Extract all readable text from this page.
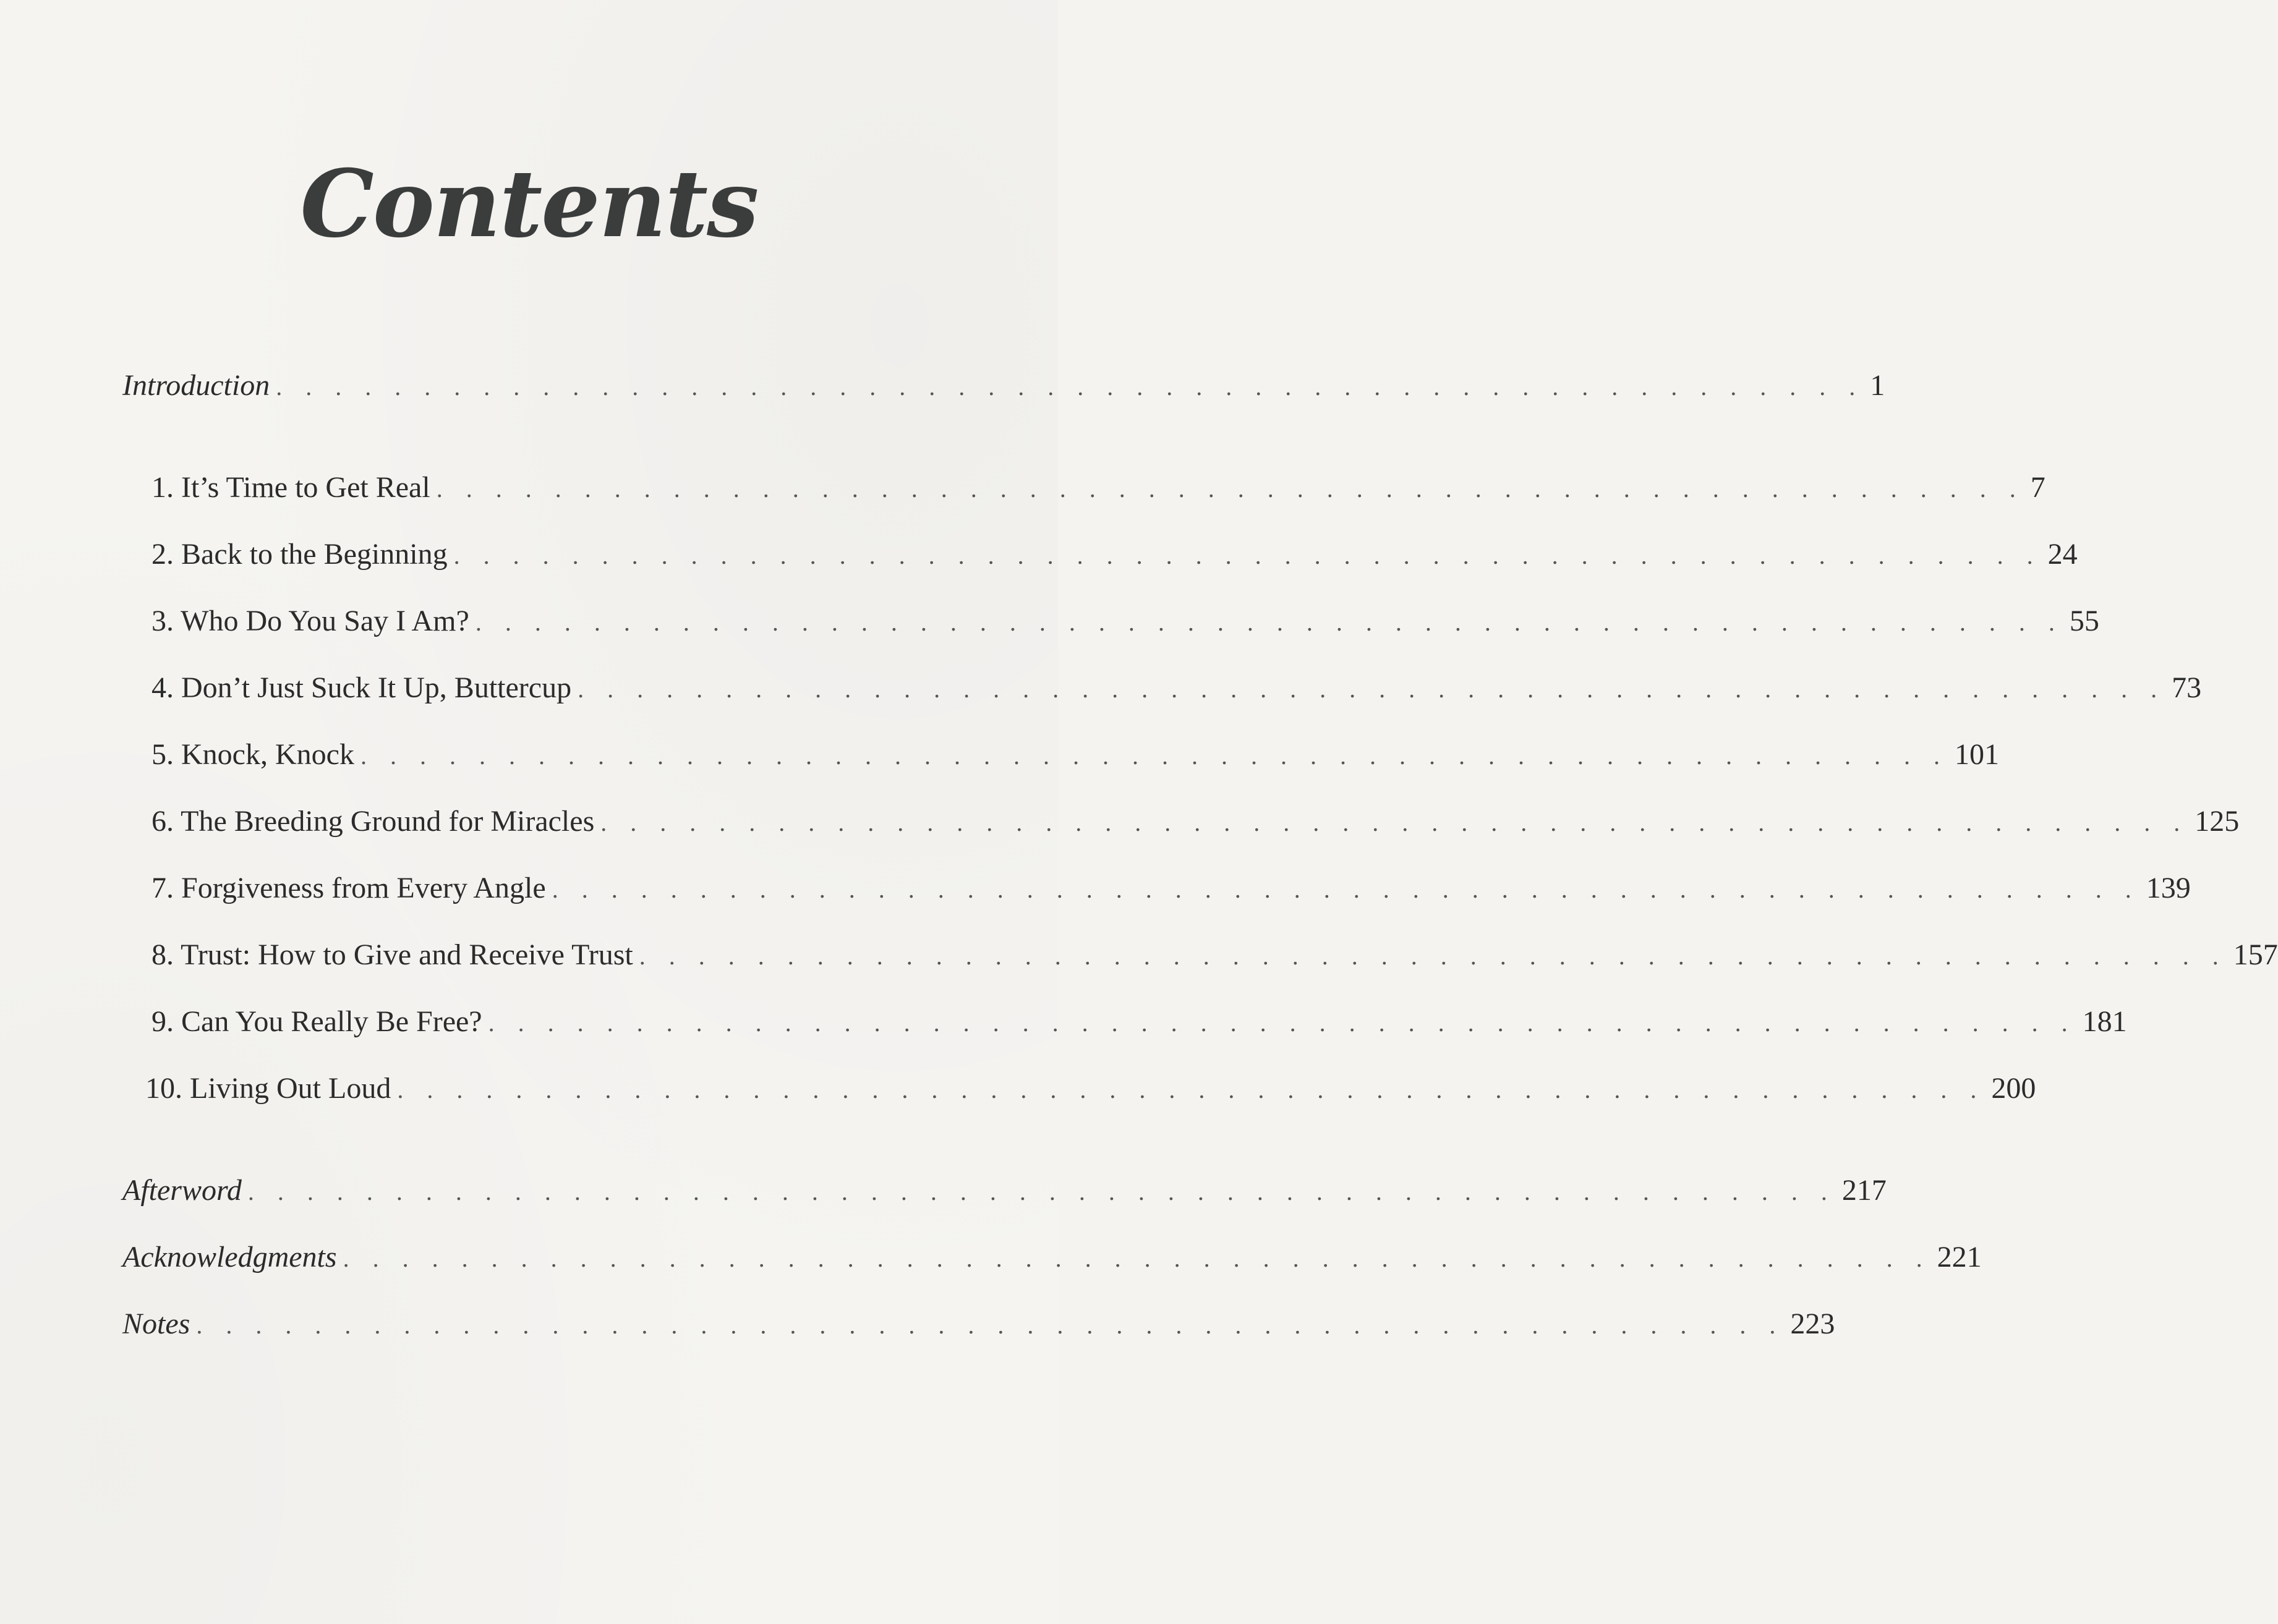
Contents
Introduction . . . . . . . . . . . . . . . . . . . . . . . . . . . . . . . . . . . . . . . . . . . . . . . . . . . . . . 1
1. It’s Time to Get Real . . . . . . . . . . . . . . . . . . . . . . . . . . . . . . . . . . . . . . . . . . . . . . . . . . . . . . 7
2. Back to the Beginning . . . . . . . . . . . . . . . . . . . . . . . . . . . . . . . . . . . . . . . . . . . . . . . . . . . . . . 24
3. Who Do You Say I Am? . . . . . . . . . . . . . . . . . . . . . . . . . . . . . . . . . . . . . . . . . . . . . . . . . . . . . . 55
4. Don’t Just Suck It Up, Buttercup . . . . . . . . . . . . . . . . . . . . . . . . . . . . . . . . . . . . . . . . . . . . . . . . . . . . . . 73
5. Knock, Knock . . . . . . . . . . . . . . . . . . . . . . . . . . . . . . . . . . . . . . . . . . . . . . . . . . . . . . 101
6. The Breeding Ground for Miracles . . . . . . . . . . . . . . . . . . . . . . . . . . . . . . . . . . . . . . . . . . . . . . . . . . . . . . 125
7. Forgiveness from Every Angle . . . . . . . . . . . . . . . . . . . . . . . . . . . . . . . . . . . . . . . . . . . . . . . . . . . . . . 139
8. Trust: How to Give and Receive Trust . . . . . . . . . . . . . . . . . . . . . . . . . . . . . . . . . . . . . . . . . . . . . . . . . . . . . . 157
9. Can You Really Be Free? . . . . . . . . . . . . . . . . . . . . . . . . . . . . . . . . . . . . . . . . . . . . . . . . . . . . . . 181
10. Living Out Loud . . . . . . . . . . . . . . . . . . . . . . . . . . . . . . . . . . . . . . . . . . . . . . . . . . . . . . 200
Afterword . . . . . . . . . . . . . . . . . . . . . . . . . . . . . . . . . . . . . . . . . . . . . . . . . . . . . . 217
Acknowledgments . . . . . . . . . . . . . . . . . . . . . . . . . . . . . . . . . . . . . . . . . . . . . . . . . . . . . . 221
Notes . . . . . . . . . . . . . . . . . . . . . . . . . . . . . . . . . . . . . . . . . . . . . . . . . . . . . . 223
